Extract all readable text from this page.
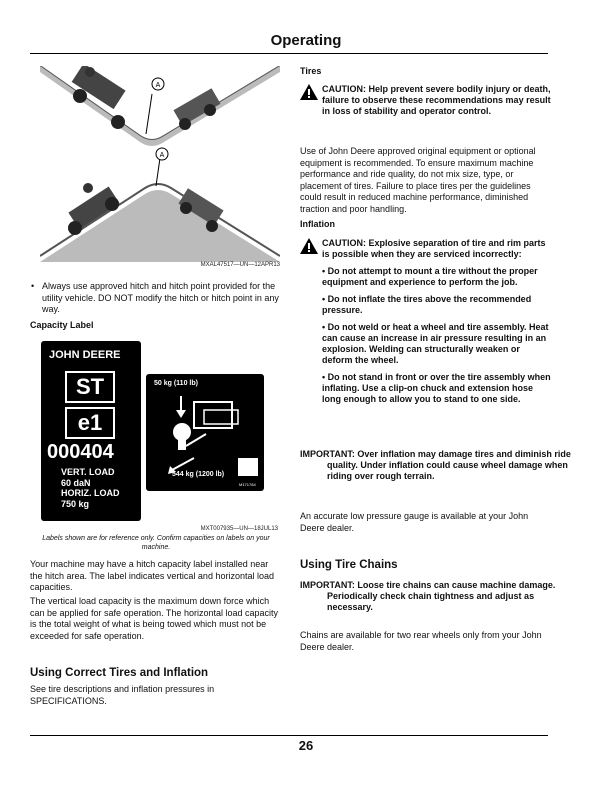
Operating
A
A
MXAL47517—UN—12APR13
• Always use approved hitch and hitch point provided for the utility vehicle. DO NOT modify the hitch or hitch point in any way.
Capacity Label
JOHN DEERE
ST
e1
000404
VERT. LOAD
60 daN
HORIZ. LOAD
750 kg
50 kg (110 lb)
544 kg (1200 lb)
M171784
MXT007935—UN—18JUL13
Labels shown are for reference only. Confirm capacities on labels on your machine.
Your machine may have a hitch capacity label installed near the hitch area. The label indicates vertical and horizontal load capacities.
The vertical load capacity is the maximum down force which can be applied for safe operation. The horizontal load capacity is the total weight of what is being towed which must not be exceeded for safe operation.
Using Correct Tires and Inflation
See tire descriptions and inflation pressures in SPECIFICATIONS.
Tires
CAUTION: Help prevent severe bodily injury or death, failure to observe these recommendations may result in loss of stability and operator control.
Use of John Deere approved original equipment or optional equipment is recommended. To ensure maximum machine performance and ride quality, do not mix size, type, or placement of tires. Failure to place tires per the guidelines could result in reduced machine performance, diminished traction and poor handling.
Inflation
CAUTION: Explosive separation of tire and rim parts is possible when they are serviced incorrectly:
• Do not attempt to mount a tire without the proper equipment and experience to perform the job.
• Do not inflate the tires above the recommended pressure.
• Do not weld or heat a wheel and tire assembly. Heat can cause an increase in air pressure resulting in an explosion. Welding can structurally weaken or deform the wheel.
• Do not stand in front or over the tire assembly when inflating. Use a clip-on chuck and extension hose long enough to allow you to stand to one side.
IMPORTANT: Over inflation may damage tires and diminish ride quality. Under inflation could cause wheel damage when riding over rough terrain.
An accurate low pressure gauge is available at your John Deere dealer.
Using Tire Chains
IMPORTANT: Loose tire chains can cause machine damage. Periodically check chain tightness and adjust as necessary.
Chains are available for two rear wheels only from your John Deere dealer.
26
